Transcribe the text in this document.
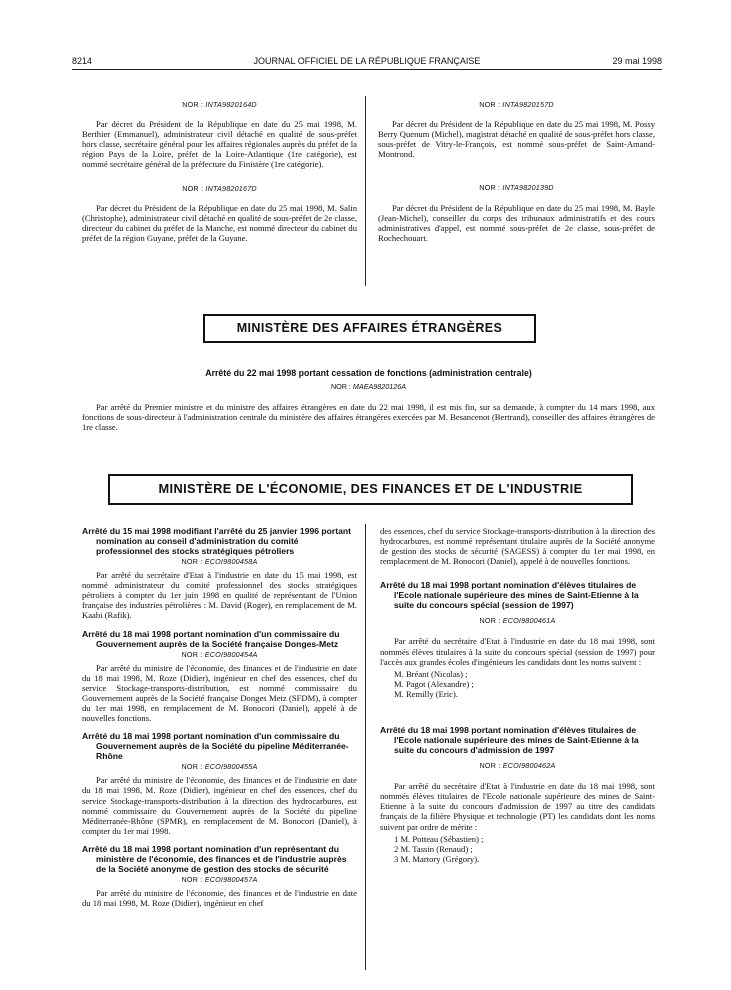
8214	JOURNAL OFFICIEL DE LA RÉPUBLIQUE FRANÇAISE	29 mai 1998
NOR : INTA9820164D

Par décret du Président de la République en date du 25 mai 1998, M. Berthier (Emmanuel), administrateur civil détaché en qualité de sous-préfet hors classe, secrétaire général pour les affaires régionales auprès du préfet de la région Pays de la Loire, préfet de la Loire-Atlantique (1re catégorie), est nommé secrétaire général de la préfecture du Finistère (1re catégorie).

NOR : INTA9820167D

Par décret du Président de la République en date du 25 mai 1998, M. Salin (Christophe), administrateur civil détaché en qualité de sous-préfet de 2e classe, directeur du cabinet du préfet de la Manche, est nommé directeur du cabinet du préfet de la région Guyane, préfet de la Guyane.

NOR : INTA9820157D

Par décret du Président de la République en date du 25 mai 1998, M. Possy Berry Quenum (Michel), magistrat détaché en qualité de sous-préfet hors classe, sous-préfet de Vitry-le-François, est nommé sous-préfet de Saint-Amand-Montrond.

NOR : INTA9820139D

Par décret du Président de la République en date du 25 mai 1998, M. Bayle (Jean-Michel), conseiller du corps des tribunaux administratifs et des cours administratives d'appel, est nommé sous-préfet de 2e classe, sous-préfet de Rochechouart.

MINISTÈRE DES AFFAIRES ÉTRANGÈRES
Arrêté du 22 mai 1998 portant cessation de fonctions (administration centrale)
NOR : MAEA9820126A

Par arrêté du Premier ministre et du ministre des affaires étrangères en date du 22 mai 1998, il est mis fin, sur sa demande, à compter du 14 mars 1998, aux fonctions de sous-directeur à l'administration centrale du ministère des affaires étrangères exercées par M. Besancenot (Bertrand), conseiller des affaires étrangères de 1re classe.

MINISTÈRE DE L'ÉCONOMIE, DES FINANCES ET DE L'INDUSTRIE
Arrêté du 15 mai 1998 modifiant l'arrêté du 25 janvier 1996 portant nomination au conseil d'administration du comité professionnel des stocks stratégiques pétroliers
NOR : ECOI9800458A

Par arrêté du secrétaire d'Etat à l'industrie en date du 15 mai 1998, est nommé administrateur du comité professionnel des stocks stratégiques pétroliers à compter du 1er juin 1998 en qualité de représentant de l'Union française des industries pétrolières : M. David (Roger), en remplacement de M. Kaabi (Rafik).

Arrêté du 18 mai 1998 portant nomination d'un commissaire du Gouvernement auprès de la Société française Donges-Metz
NOR : ECOI9800454A

Par arrêté du ministre de l'économie, des finances et de l'industrie en date du 18 mai 1998, M. Roze (Didier), ingénieur en chef des essences, chef du service Stockage-transports-distribution, est nommé commissaire du Gouvernement auprès de la Société française Donges Metz (SFDM), à compter du 1er mai 1998, en remplacement de M. Bonocori (Daniel), appelé à de nouvelles fonctions.

Arrêté du 18 mai 1998 portant nomination d'un commissaire du Gouvernement auprès de la Société du pipeline Méditerranée-Rhône
NOR : ECOI9800455A

Par arrêté du ministre de l'économie, des finances et de l'industrie en date du 18 mai 1998, M. Roze (Didier), ingénieur en chef des essences, chef du service Stockage-transports-distribution à la direction des hydrocarbures, est nommé commissaire du Gouvernement auprès de la Société du pipeline Méditerranée-Rhône (SPMR), en remplacement de M. Bonocori (Daniel), à compter du 1er mai 1998.

Arrêté du 18 mai 1998 portant nomination d'un représentant du ministère de l'économie, des finances et de l'industrie auprès de la Société anonyme de gestion des stocks de sécurité
NOR : ECOI9800457A

Par arrêté du ministre de l'économie, des finances et de l'industrie en date du 18 mai 1998, M. Roze (Didier), ingénieur en chef

des essences, chef du service Stockage-transports-distribution à la direction des hydrocarbures, est nommé représentant titulaire auprès de la Société anonyme de gestion des stocks de sécurité (SAGESS) à compter du 1er mai 1998, en remplacement de M. Bonocori (Daniel), appelé à de nouvelles fonctions.

Arrêté du 18 mai 1998 portant nomination d'élèves titulaires de l'Ecole nationale supérieure des mines de Saint-Etienne à la suite du concours spécial (session de 1997)
NOR : ECOI9800461A

Par arrêté du secrétaire d'Etat à l'industrie en date du 18 mai 1998, sont nommés élèves titulaires à la suite du concours spécial (session de 1997) pour l'accès aux grandes écoles d'ingénieurs les candidats dont les noms suivent :

M. Bréant (Nicolas) ;
M. Pagot (Alexandre) ;
M. Remilly (Eric).
Arrêté du 18 mai 1998 portant nomination d'élèves titulaires de l'Ecole nationale supérieure des mines de Saint-Etienne à la suite du concours d'admission de 1997
NOR : ECOI9800462A

Par arrêté du secrétaire d'Etat à l'industrie en date du 18 mai 1998, sont nommés élèves titulaires de l'Ecole nationale supérieure des mines de Saint-Etienne à la suite du concours d'admission de 1997 au titre des candidats français de la filière Physique et technologie (PT) les candidats dont les noms suivent par ordre de mérite :

1 M. Potteau (Sébastien) ;
2 M. Tassin (Renaud) ;
3 M. Martory (Grégory).
